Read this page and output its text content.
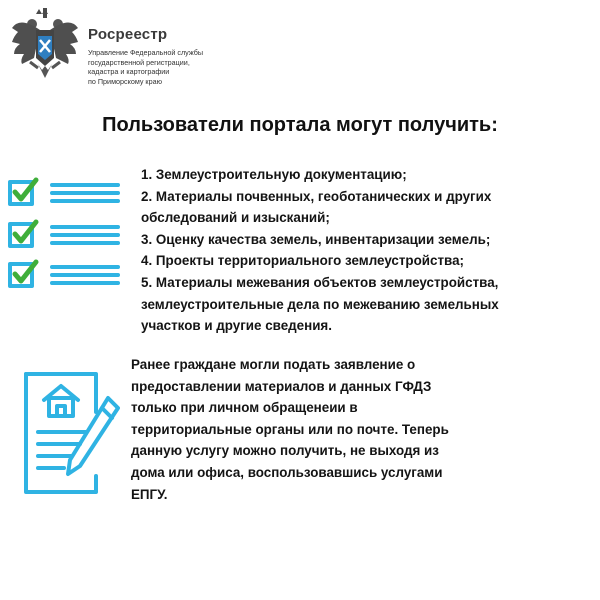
Росреестр
Управление Федеральной службы
государственной регистрации,
кадастра и картографии
по Приморскому краю
Пользователи портала могут получить:
1. Землеустроительную документацию;
2. Материалы почвенных, геоботанических и других
обследований и изысканий;
3. Оценку качества земель, инвентаризации земель;
4. Проекты территориального землеустройства;
5. Материалы межевания объектов землеустройства,
землеустроительные дела по межеванию земельных
участков и другие сведения.
Ранее граждане могли подать заявление о
предоставлении материалов и данных ГФДЗ
только при личном обращенеии в
территориальные органы или по почте. Теперь
данную услугу можно получить, не выходя из
дома или офиса, воспользовавшись услугами
ЕПГУ.
